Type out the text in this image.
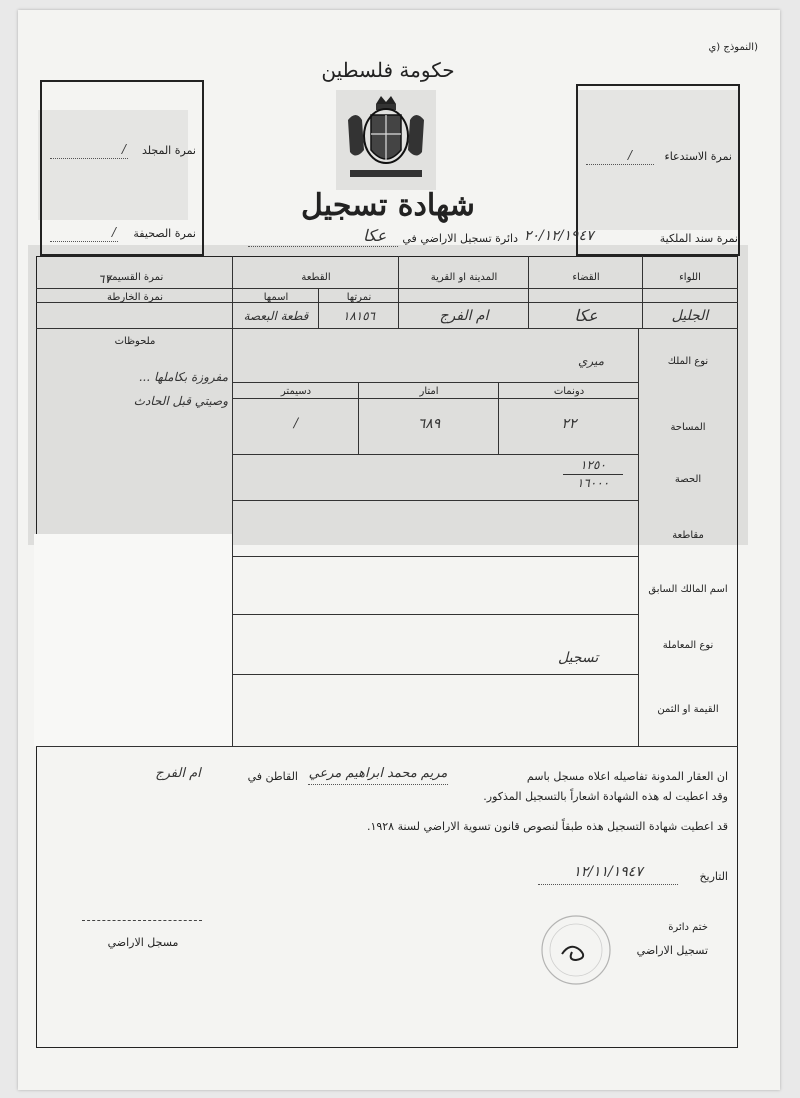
(النموذج (ي
حكومة فلسطين
شهادة تسجيل
نمرة المجلد
/
نمرة الصحيفة
/
نمرة الاستدعاء
/
نمرة سند الملكية
٢٠/١٢/١٩٤٧
دائرة تسجيل الاراضي في
عكا
اللواء
القضاء
المدينة او القرية
القطعة
نمرة القسيمة
نمرة الخارطة	نمرتها
اسمها
الجليل
عكا
ام الفرج
١٨١٥٦
قطعة البعصة
٦٧
نوع الملك
ميري
ملحوظات
مفروزة بكاملها ...
وصيتي قبل الحادث
دونمات
امتار
دسيمتر
المساحة
٢٢
٦٨٩
/
الحصة
١٢٥٠
١٦٠٠٠
مقاطعة
اسم المالك السابق
نوع المعاملة
تسجيل
القيمة او الثمن
ان العقار المدونة تفاصيله اعلاه مسجل باسم
مريم محمد ابراهيم مرعي
القاطن في
ام الفرج
وقد اعطيت له هذه الشهادة اشعاراً بالتسجيل المذكور.
قد اعطيت شهادة التسجيل هذه طبقاً لنصوص قانون تسوية الاراضي لسنة ١٩٢٨.
التاريخ
١٢/١١/١٩٤٧
ختم دائرة
تسجيل الاراضي
مسجل الاراضي
